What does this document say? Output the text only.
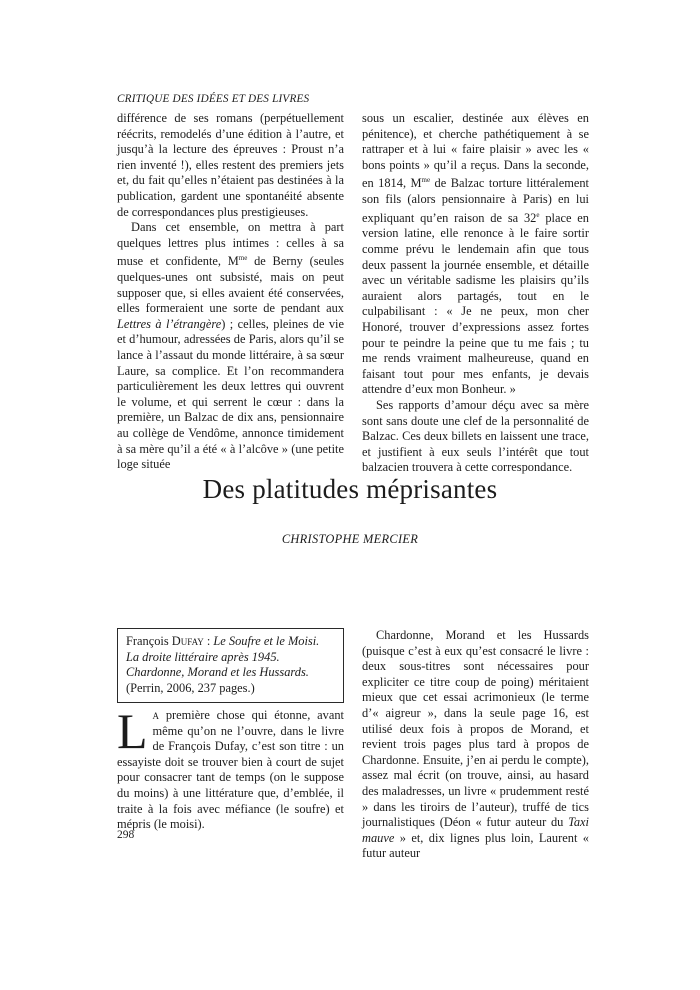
CRITIQUE DES IDÉES ET DES LIVRES

différence de ses romans (perpétuellement réécrits, remodelés d’une édition à l’autre, et jusqu’à la lecture des épreuves : Proust n’a rien inventé !), elles restent des premiers jets et, du fait qu’elles n’étaient pas destinées à la publication, gardent une spontanéité absente de correspondances plus prestigieuses.

Dans cet ensemble, on mettra à part quelques lettres plus intimes : celles à sa muse et confidente, $M^{me}$ de Berny (seules quelques-unes ont subsisté, mais on peut supposer que, si elles avaient été conservées, elles formeraient une sorte de pendant aux Lettres à l’étrangère) ; celles, pleines de vie et d’humour, adressées de Paris, alors qu’il se lance à l’assaut du monde littéraire, à sa sœur Laure, sa complice. Et l’on recommandera particulièrement les deux lettres qui ouvrent le volume, et qui serrent le cœur : dans la première, un Balzac de dix ans, pensionnaire au collège de Vendôme, annonce timidement à sa mère qu’il a été « à l’alcôve » (une petite loge située

sous un escalier, destinée aux élèves en pénitence), et cherche pathétiquement à se rattraper et à lui « faire plaisir » avec les « bons points » qu’il a reçus. Dans la seconde, en 1814, $M^{me}$ de Balzac torture littéralement son fils (alors pensionnaire à Paris) en lui expliquant qu’en raison de sa 32e place en version latine, elle renonce à le faire sortir comme prévu le lendemain afin que tous deux passent la journée ensemble, et détaille avec un véritable sadisme les plaisirs qu’ils auraient alors partagés, tout en le culpabilisant : « Je ne peux, mon cher Honoré, trouver d’expressions assez fortes pour te peindre la peine que tu me fais ; tu me rends vraiment malheureuse, quand en faisant tout pour mes enfants, je devais attendre d’eux mon Bonheur. »

Ses rapports d’amour déçu avec sa mère sont sans doute une clef de la personnalité de Balzac. Ces deux billets en laissent une trace, et justifient à eux seuls l’intérêt que tout balzacien trouvera à cette correspondance.

Des platitudes méprisantes
CHRISTOPHE MERCIER
François Dufay : Le Soufre et le Moisi. La droite littéraire après 1945. Chardonne, Morand et les Hussards. (Perrin, 2006, 237 pages.)

La première chose qui étonne, avant même qu’on ne l’ouvre, dans le livre de François Dufay, c’est son titre : un essayiste doit se trouver bien à court de sujet pour consacrer tant de temps (on le suppose du moins) à une littérature que, d’emblée, il traite à la fois avec méfiance (le soufre) et mépris (le moisi).

Chardonne, Morand et les Hussards (puisque c’est à eux qu’est consacré le livre : deux sous-titres sont nécessaires pour expliciter ce titre coup de poing) méritaient mieux que cet essai acrimonieux (le terme d’« aigreur », dans la seule page 16, est utilisé deux fois à propos de Morand, et revient trois pages plus tard à propos de Chardonne. Ensuite, j’en ai perdu le compte), assez mal écrit (on trouve, ainsi, au hasard des maladresses, un livre « prudemment resté » dans les tiroirs de l’auteur), truffé de tics journalistiques (Déon « futur auteur du Taxi mauve » et, dix lignes plus loin, Laurent « futur auteur

298
